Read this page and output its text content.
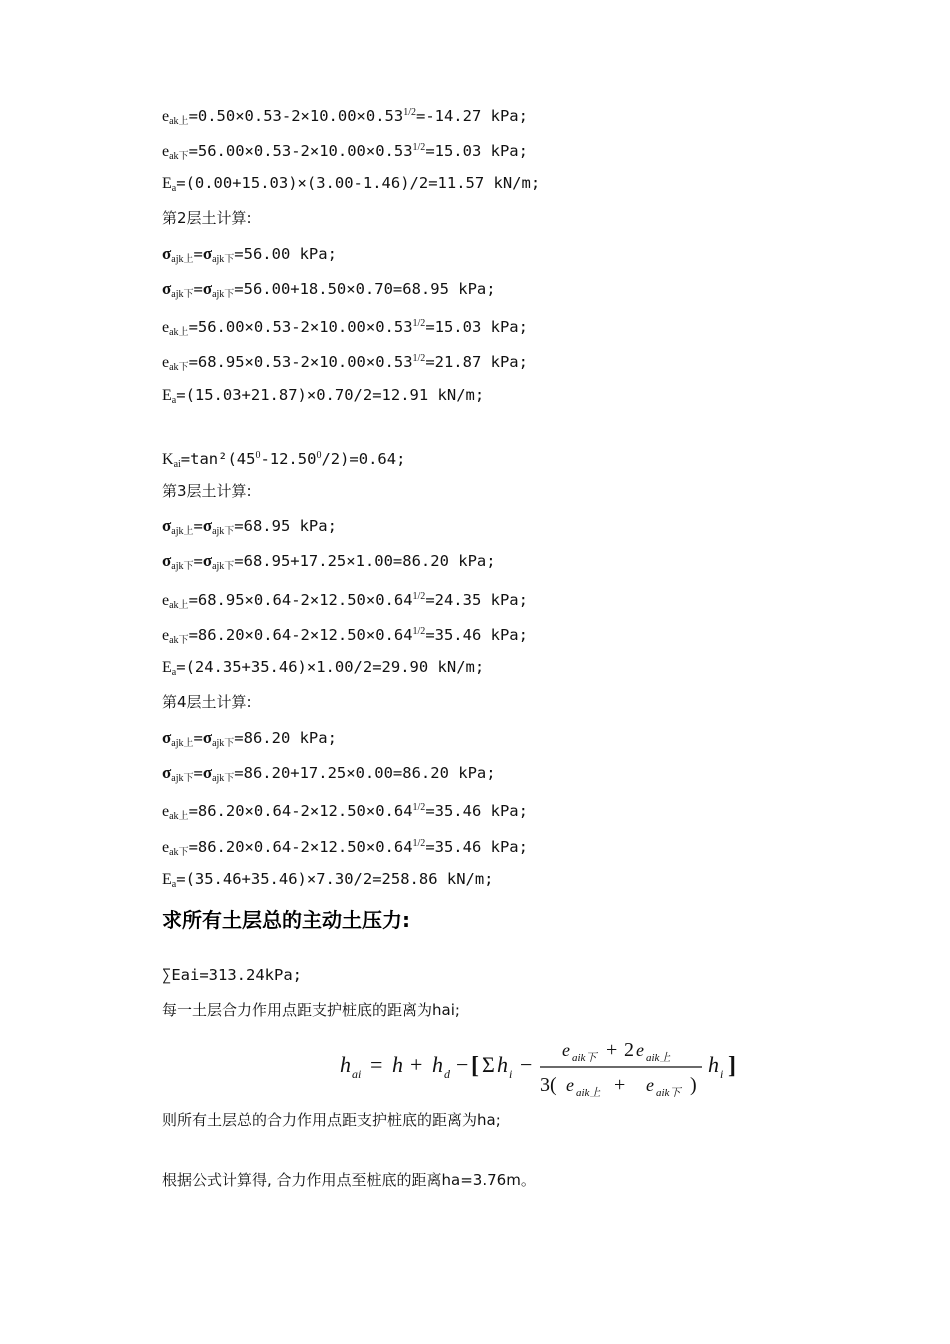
$e_{ak上}=0.50\times 0.53-2\times 10.00\times 0.53^{1/2}=-14.27$ kPa;
$e_{ak下}=56.00\times 0.53-2\times 10.00\times 0.53^{1/2}=15.03$ kPa;
$E_a=(0.00+15.03)\times(3.00-1.46)/2=11.57$ kN/m;
第2层土计算:
$\sigma_{ajk上}=\sigma_{ajk下}=56.00$ kPa;
$\sigma_{ajk下}=\sigma_{ajk下}=56.00+18.50\times 0.70=68.95$ kPa;
$e_{ak上}=56.00\times 0.53-2\times 10.00\times 0.53^{1/2}=15.03$ kPa;
$e_{ak下}=68.95\times 0.53-2\times 10.00\times 0.53^{1/2}=21.87$ kPa;
$E_a=(15.03+21.87)\times 0.70/2=12.91$ kN/m;
$K_{ai}=\tan^2(45^0-12.50^0/2)=0.64$;
第3层土计算:
$\sigma_{ajk上}=\sigma_{ajk下}=68.95$ kPa;
$\sigma_{ajk下}=\sigma_{ajk下}=68.95+17.25\times 1.00=86.20$ kPa;
$e_{ak上}=68.95\times 0.64-2\times 12.50\times 0.64^{1/2}=24.35$ kPa;
$e_{ak下}=86.20\times 0.64-2\times 12.50\times 0.64^{1/2}=35.46$ kPa;
$E_a=(24.35+35.46)\times 1.00/2=29.90$ kN/m;
第4层土计算:
$\sigma_{ajk上}=\sigma_{ajk下}=86.20$ kPa;
$\sigma_{ajk下}=\sigma_{ajk下}=86.20+17.25\times 0.00=86.20$ kPa;
$e_{ak上}=86.20\times 0.64-2\times 12.50\times 0.64^{1/2}=35.46$ kPa;
$e_{ak下}=86.20\times 0.64-2\times 12.50\times 0.64^{1/2}=35.46$ kPa;
$E_a=(35.46+35.46)\times 7.30/2=258.86$ kN/m;
求所有土层总的主动土压力:
∑Eai=313.24kPa;
每一土层合力作用点距支护桩底的距离为hai;
h ai = h + h d − [ Σ h i −
e aik下 + 2 e aik上
3( e aik上 + e aik下 )
h i ]
则所有土层总的合力作用点距支护桩底的距离为ha;
根据公式计算得, 合力作用点至桩底的距离ha=3.76m。
